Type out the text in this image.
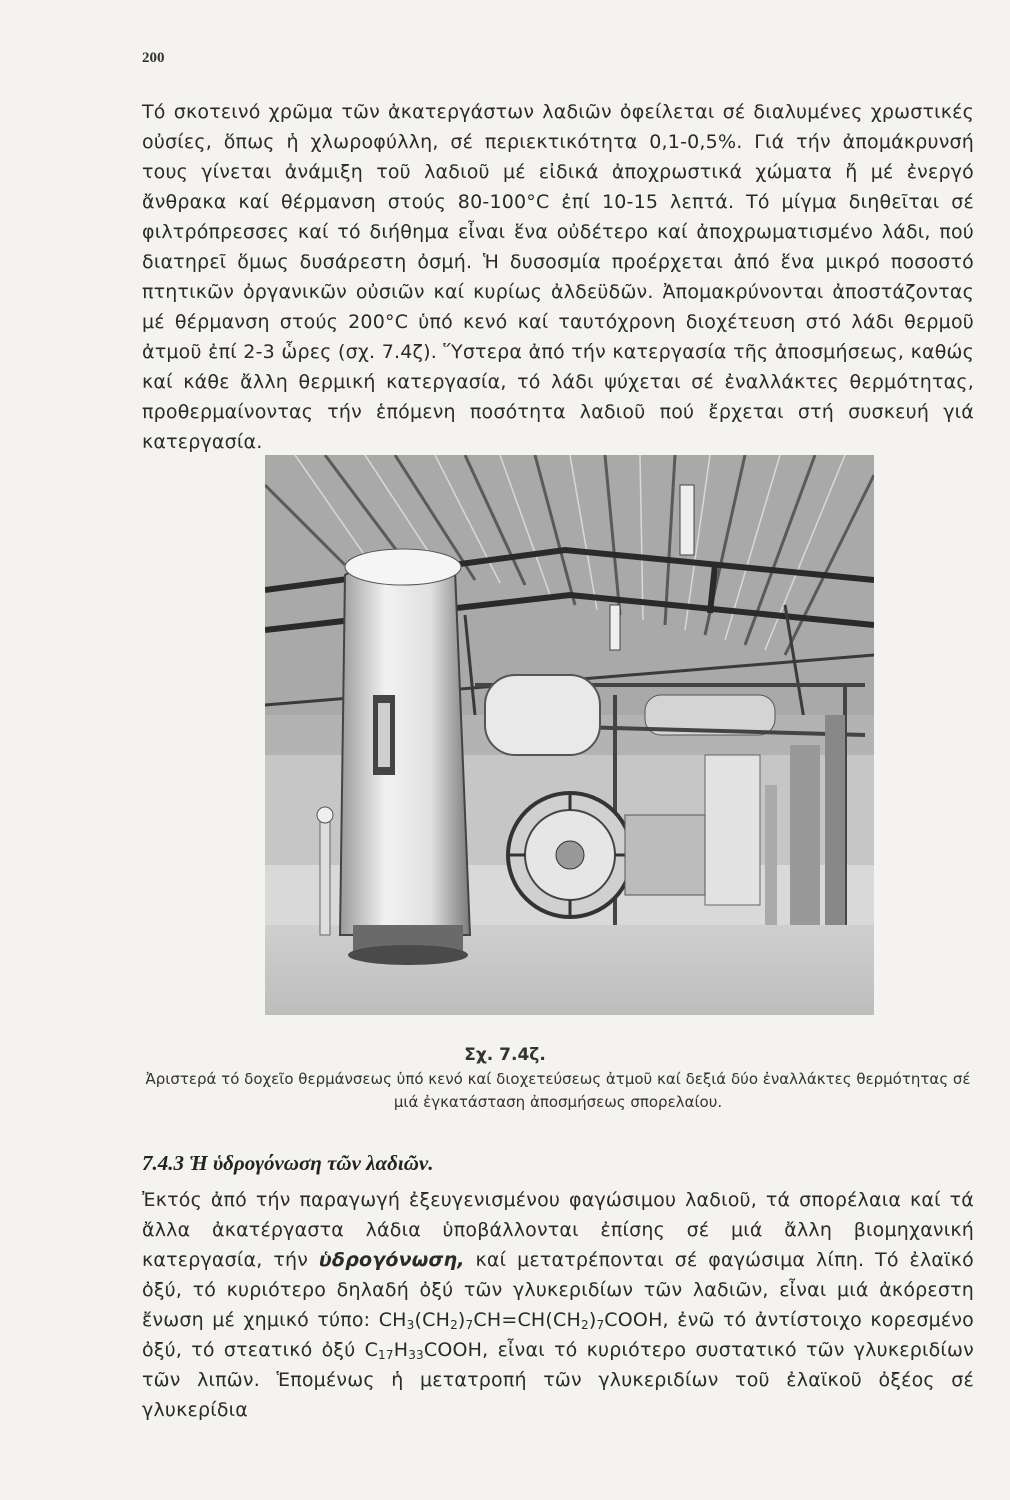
200

Τό σκοτεινό χρῶμα τῶν ἀκατεργάστων λαδιῶν ὀφείλεται σέ διαλυμένες χρωστικές οὐσίες, ὅπως ἡ χλωροφύλλη, σέ περιεκτικότητα 0,1-0,5%. Γιά τήν ἀπομάκρυνσή τους γίνεται ἀνάμιξη τοῦ λαδιοῦ μέ εἰδικά ἀποχρωστικά χώματα ἤ μέ ἐνεργό ἄνθρακα καί θέρμανση στούς 80-100°C ἐπί 10-15 λεπτά. Τό μίγμα διηθεῖται σέ φιλτρόπρεσσες καί τό διήθημα εἶναι ἕνα οὐδέτερο καί ἀποχρωματισμένο λάδι, πού διατηρεῖ ὅμως δυσάρεστη ὀσμή. Ἡ δυσοσμία προέρχεται ἀπό ἕνα μικρό ποσοστό πτητικῶν ὀργανικῶν οὐσιῶν καί κυρίως ἀλδεϋδῶν. Ἀπομακρύνονται ἀποστάζοντας μέ θέρμανση στούς 200°C ὑπό κενό καί ταυτόχρονη διοχέτευση στό λάδι θερμοῦ ἀτμοῦ ἐπί 2-3 ὧρες (σχ. 7.4ζ). Ὕστερα ἀπό τήν κατεργασία τῆς ἀποσμήσεως, καθώς καί κάθε ἄλλη θερμική κατεργασία, τό λάδι ψύχεται σέ ἐναλλάκτες θερμότητας, προθερμαίνοντας τήν ἑπόμενη ποσότητα λαδιοῦ πού ἔρχεται στή συσκευή γιά κατεργασία.

Σχ. 7.4ζ.
Ἀριστερά τό δοχεῖο θερμάνσεως ὑπό κενό καί διοχετεύσεως ἀτμοῦ καί δεξιά δύο ἐναλλάκτες θερμότητας σέ μιά ἐγκατάσταση ἀποσμήσεως σπορελαίου.
7.4.3 Ἡ ὑδρογόνωση τῶν λαδιῶν.

Ἐκτός ἀπό τήν παραγωγή ἐξευγενισμένου φαγώσιμου λαδιοῦ, τά σπορέλαια καί τά ἄλλα ἀκατέργαστα λάδια ὑποβάλλονται ἐπίσης σέ μιά ἄλλη βιομηχανική κατεργασία, τήν ὑδρογόνωση, καί μετατρέπονται σέ φαγώσιμα λίπη. Τό ἐλαϊκό ὀξύ, τό κυριότερο δηλαδή ὀξύ τῶν γλυκεριδίων τῶν λαδιῶν, εἶναι μιά ἀκόρεστη ἔνωση μέ χημικό τύπο: $CH_3(CH_2)_7CH=CH(CH_2)_7COOH$, ἐνῶ τό ἀντίστοιχο κορεσμένο ὀξύ, τό στεατικό ὀξύ $C_{17}H_{33}COOH$, εἶναι τό κυριότερο συστατικό τῶν γλυκεριδίων τῶν λιπῶν. Ἑπομένως ἡ μετατροπή τῶν γλυκεριδίων τοῦ ἐλαϊκοῦ ὀξέος σέ γλυκερίδια
